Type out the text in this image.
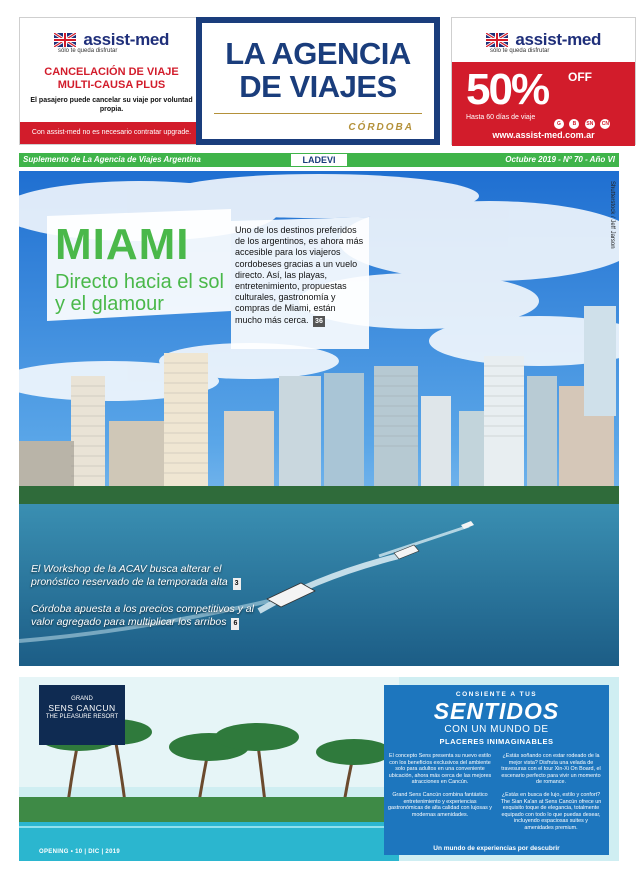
assist-med
sólo te queda disfrutar
CANCELACIÓN DE VIAJE
MULTI-CAUSA PLUS
El pasajero puede cancelar su viaje por voluntad propia.
Con assist-med no es necesario contratar upgrade.
LA AGENCIA
DE VIAJES
CÓRDOBA
assist-med
sólo te queda disfrutar
50% OFF
Hasta 60 días de viaje
G B SN CN
www.assist-med.com.ar
Suplemento de La Agencia de Viajes Argentina	LADEVI	Octubre 2019 - Nº 70 - Año VI
Shutterstock / Jeff Jarson
MIAMI
Directo hacia el sol y el glamour
Uno de los destinos preferidos de los argentinos, es ahora más accesible para los viajeros cordobeses gracias a un vuelo directo. Así, las playas, entretenimiento, propuestas culturales, gastronomía y compras de Miami, están mucho más cerca. 36
El Workshop de la ACAV busca alterar el pronóstico reservado de la temporada alta 3
Córdoba apuesta a los precios competitivos y al valor agregado para multiplicar los arribos 6
GRAND
SENS CANCUN
THE PLEASURE RESORT
OPENING • 10 | DIC | 2019
CONSIENTE A TUS
SENTIDOS
CON UN MUNDO DE
PLACERES INIMAGINABLES

El concepto Sens presenta su nuevo estilo con los beneficios exclusivos del ambiente solo para adultos en una conveniente ubicación, ahora más cerca de las mejores atracciones en Cancún.

Grand Sens Cancún combina fantástico entretenimiento y experiencias gastronómicas de alta calidad con lujosas y modernas amenidades.

¿Estás soñando con estar rodeado de la mejor vista? Disfruta una velada de travesuras con el tour Xin-Xi On Board, el escenario perfecto para vivir un momento de romance.

¿Estás en busca de lujo, estilo y confort? The Sian Ka'an at Sens Cancún ofrece un exquisito toque de elegancia, totalmente equipado con todo lo que puedas desear, incluyendo espaciosas suites y amenidades premium.

Un mundo de experiencias por descubrir
